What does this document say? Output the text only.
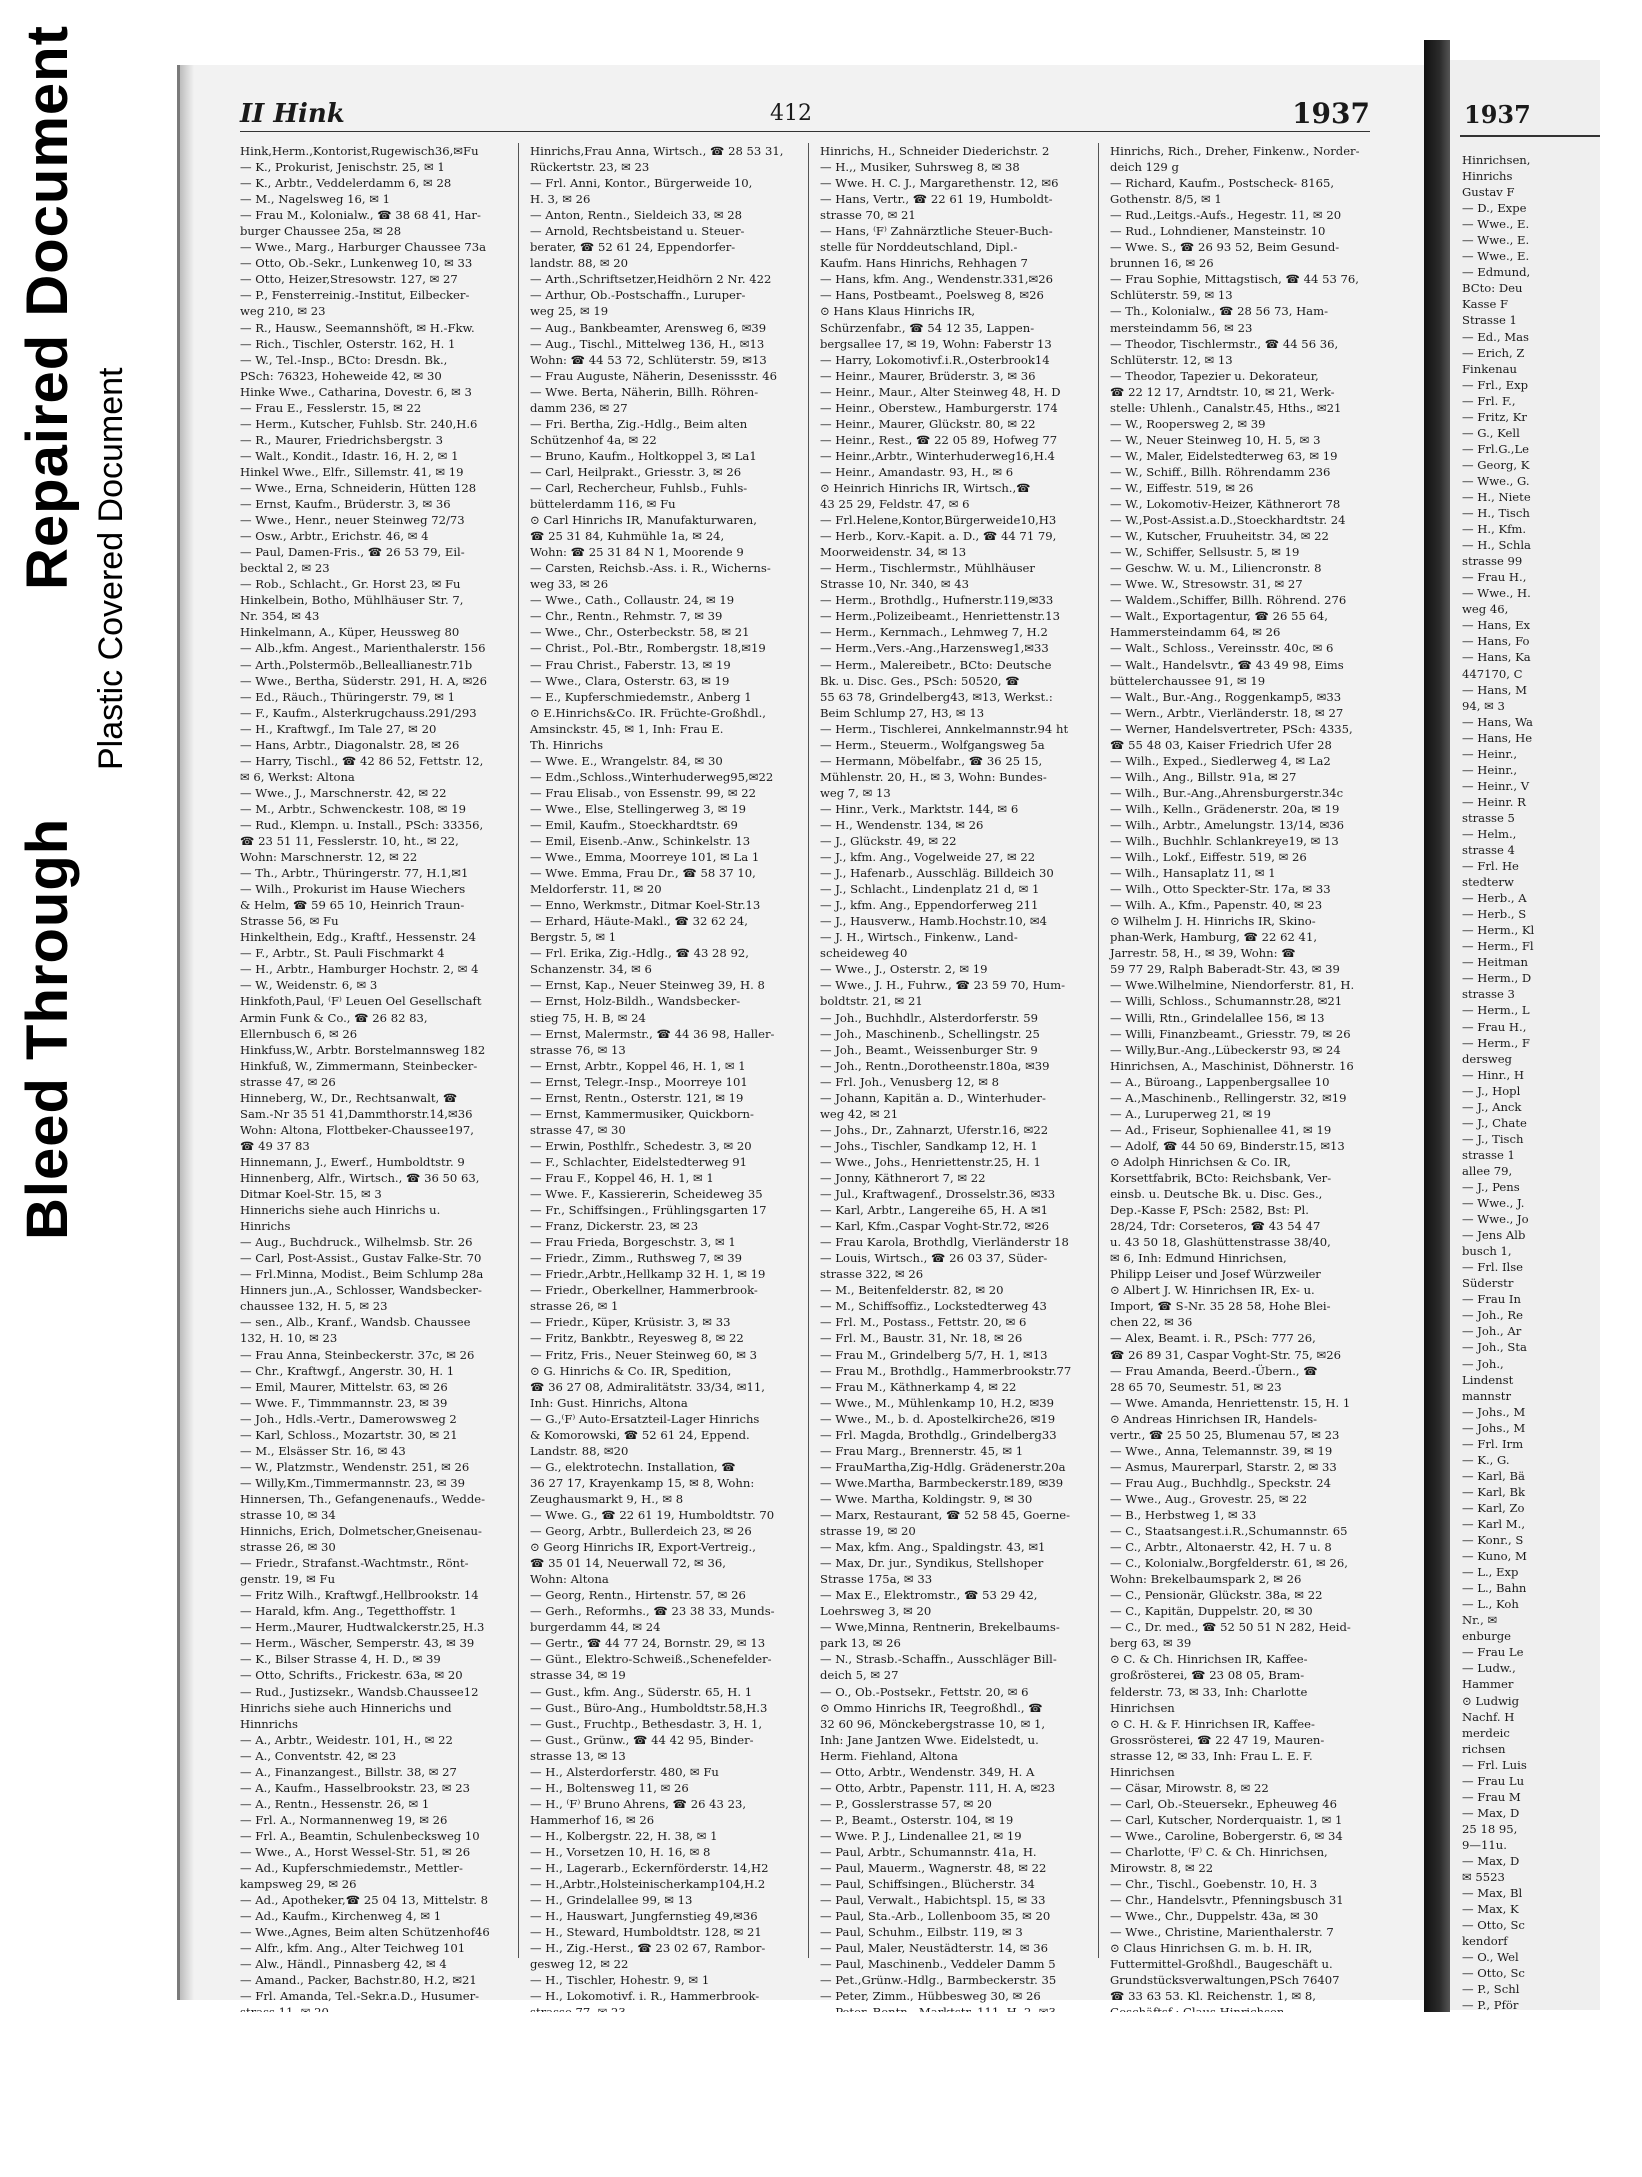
Bleed Through
Repaired Document Plastic Covered Document
II Hink	412	1937
Hink,Herm.,Kontorist,Rugewisch36,✉Fu
— K., Prokurist, Jenischstr. 25, ✉ 1
— K., Arbtr., Veddelerdamm 6, ✉ 28
— M., Nagelsweg 16, ✉ 1
— Frau M., Kolonialw., ☎ 38 68 41, Har-
burger Chaussee 25a, ✉ 28
— Wwe., Marg., Harburger Chaussee 73a
— Otto, Ob.-Sekr., Lunkenweg 10, ✉ 33
— Otto, Heizer,Stresowstr. 127, ✉ 27
— P., Fensterreinig.-Institut, Eilbecker-
weg 210, ✉ 23
— R., Hausw., Seemannshöft, ✉ H.-Fkw.
— Rich., Tischler, Osterstr. 162, H. 1
— W., Tel.-Insp., BCto: Dresdn. Bk.,
PSch: 76323, Hoheweide 42, ✉ 30
Hinke Wwe., Catharina, Dovestr. 6, ✉ 3
— Frau E., Fesslerstr. 15, ✉ 22
— Herm., Kutscher, Fuhlsb. Str. 240,H.6
— R., Maurer, Friedrichsbergstr. 3
— Walt., Kondit., Idastr. 16, H. 2, ✉ 1
Hinkel Wwe., Elfr., Sillemstr. 41, ✉ 19
— Wwe., Erna, Schneiderin, Hütten 128
— Ernst, Kaufm., Brüderstr. 3, ✉ 36
— Wwe., Henr., neuer Steinweg 72/73
— Osw., Arbtr., Erichstr. 46, ✉ 4
— Paul, Damen-Fris., ☎ 26 53 79, Eil-
becktal 2, ✉ 23
— Rob., Schlacht., Gr. Horst 23, ✉ Fu
Hinkelbein, Botho, Mühlhäuser Str. 7,
Nr. 354, ✉ 43
Hinkelmann, A., Küper, Heussweg 80
— Alb.,kfm. Angest., Marienthalerstr. 156
— Arth.,Polstermöb.,Belleallianestr.71b
— Wwe., Bertha, Süderstr. 291, H. A, ✉26
— Ed., Räuch., Thüringerstr. 79, ✉ 1
— F., Kaufm., Alsterkrugchauss.291/293
— H., Kraftwgf., Im Tale 27, ✉ 20
— Hans, Arbtr., Diagonalstr. 28, ✉ 26
— Harry, Tischl., ☎ 42 86 52, Fettstr. 12,
✉ 6, Werkst: Altona
— Wwe., J., Marschnerstr. 42, ✉ 22
— M., Arbtr., Schwenckestr. 108, ✉ 19
— Rud., Klempn. u. Install., PSch: 33356,
☎ 23 51 11, Fesslerstr. 10, ht., ✉ 22,
Wohn: Marschnerstr. 12, ✉ 22
— Th., Arbtr., Thüringerstr. 77, H.1,✉1
— Wilh., Prokurist im Hause Wiechers
& Helm, ☎ 59 65 10, Heinrich Traun-
Strasse 56, ✉ Fu
Hinkelthein, Edg., Kraftf., Hessenstr. 24
— F., Arbtr., St. Pauli Fischmarkt 4
— H., Arbtr., Hamburger Hochstr. 2, ✉ 4
— W., Weidenstr. 6, ✉ 3
Hinkfoth,Paul, ⁽F⁾ Leuen Oel Gesellschaft
Armin Funk & Co., ☎ 26 82 83,
Ellernbusch 6, ✉ 26
Hinkfuss,W., Arbtr. Borstelmannsweg 182
Hinkfuß, W., Zimmermann, Steinbecker-
strasse 47, ✉ 26
Hinneberg, W., Dr., Rechtsanwalt, ☎
Sam.-Nr 35 51 41,Dammthorstr.14,✉36
Wohn: Altona, Flottbeker-Chaussee197,
☎ 49 37 83
Hinnemann, J., Ewerf., Humboldtstr. 9
Hinnenberg, Alfr., Wirtsch., ☎ 36 50 63,
Ditmar Koel-Str. 15, ✉ 3
Hinnerichs siehe auch Hinrichs u.
Hinrichs
— Aug., Buchdruck., Wilhelmsb. Str. 26
— Carl, Post-Assist., Gustav Falke-Str. 70
— Frl.Minna, Modist., Beim Schlump 28a
Hinners jun.,A., Schlosser, Wandsbecker-
chaussee 132, H. 5, ✉ 23
— sen., Alb., Kranf., Wandsb. Chaussee
132, H. 10, ✉ 23
— Frau Anna, Steinbeckerstr. 37c, ✉ 26
— Chr., Kraftwgf., Angerstr. 30, H. 1
— Emil, Maurer, Mittelstr. 63, ✉ 26
— Wwe. F., Timmmannstr. 23, ✉ 39
— Joh., Hdls.-Vertr., Damerowsweg 2
— Karl, Schloss., Mozartstr. 30, ✉ 21
— M., Elsässer Str. 16, ✉ 43
— W., Platzmstr., Wendenstr. 251, ✉ 26
— Willy,Km.,Timmermannstr. 23, ✉ 39
Hinnersen, Th., Gefangenenaufs., Wedde-
strasse 10, ✉ 34
Hinnichs, Erich, Dolmetscher,Gneisenau-
strasse 26, ✉ 30
— Friedr., Strafanst.-Wachtmstr., Rönt-
genstr. 19, ✉ Fu
— Fritz Wilh., Kraftwgf.,Hellbrookstr. 14
— Harald, kfm. Ang., Tegetthoffstr. 1
— Herm.,Maurer, Hudtwalckerstr.25, H.3
— Herm., Wäscher, Semperstr. 43, ✉ 39
— K., Bilser Strasse 4, H. D., ✉ 39
— Otto, Schrifts., Frickestr. 63a, ✉ 20
— Rud., Justizsekr., Wandsb.Chaussee12
Hinrichs siehe auch Hinnerichs und
Hinnrichs
— A., Arbtr., Weidestr. 101, H., ✉ 22
— A., Conventstr. 42, ✉ 23
— A., Finanzangest., Billstr. 38, ✉ 27
— A., Kaufm., Hasselbrookstr. 23, ✉ 23
— A., Rentn., Hessenstr. 26, ✉ 1
— Frl. A., Normannenweg 19, ✉ 26
— Frl. A., Beamtin, Schulenbecksweg 10
— Wwe., A., Horst Wessel-Str. 51, ✉ 26
— Ad., Kupferschmiedemstr., Mettler-
kampsweg 29, ✉ 26
— Ad., Apotheker,☎ 25 04 13, Mittelstr. 8
— Ad., Kaufm., Kirchenweg 4, ✉ 1
— Wwe.,Agnes, Beim alten Schützenhof46
— Alfr., kfm. Ang., Alter Teichweg 101
— Alw., Händl., Pinnasberg 42, ✉ 4
— Amand., Packer, Bachstr.80, H.2, ✉21
— Frl. Amanda, Tel.-Sekr.a.D., Husumer-
Hinrichs,Frau Anna, Wirtsch., ☎ 28 53 31,
Rückertstr. 23, ✉ 23
— Frl. Anni, Kontor., Bürgerweide 10,
H. 3, ✉ 26
— Anton, Rentn., Sieldeich 33, ✉ 28
— Arnold, Rechtsbeistand u. Steuer-
berater, ☎ 52 61 24, Eppendorfer-
landstr. 88, ✉ 20
— Arth.,Schriftsetzer,Heidhörn 2 Nr. 422
— Arthur, Ob.-Postschaffn., Luruper-
weg 25, ✉ 19
— Aug., Bankbeamter, Arensweg 6, ✉39
— Aug., Tischl., Mittelweg 136, H., ✉13
Wohn: ☎ 44 53 72, Schlüterstr. 59, ✉13
— Frau Auguste, Näherin, Desenissstr. 46
— Wwe. Berta, Näherin, Billh. Röhren-
damm 236, ✉ 27
— Fri. Bertha, Zig.-Hdlg., Beim alten
Schützenhof 4a, ✉ 22
— Bruno, Kaufm., Holtkoppel 3, ✉ La1
— Carl, Heilprakt., Griesstr. 3, ✉ 26
— Carl, Rechercheur, Fuhlsb., Fuhls-
büttelerdamm 116, ✉ Fu
⊙ Carl Hinrichs IR, Manufakturwaren,
☎ 25 31 84, Kuhmühle 1a, ✉ 24,
Wohn: ☎ 25 31 84 N 1, Moorende 9
— Carsten, Reichsb.-Ass. i. R., Wicherns-
weg 33, ✉ 26
— Wwe., Cath., Collaustr. 24, ✉ 19
— Chr., Rentn., Rehmstr. 7, ✉ 39
— Wwe., Chr., Osterbeckstr. 58, ✉ 21
— Christ., Pol.-Btr., Rombergstr. 18,✉19
— Frau Christ., Faberstr. 13, ✉ 19
— Wwe., Clara, Osterstr. 63, ✉ 19
— E., Kupferschmiedemstr., Anberg 1
⊙ E.Hinrichs&Co. IR. Früchte-Großhdl.,
Amsinckstr. 45, ✉ 1, Inh: Frau E.
Th. Hinrichs
— Wwe. E., Wrangelstr. 84, ✉ 30
— Edm.,Schloss.,Winterhuderweg95,✉22
— Frau Elisab., von Essenstr. 99, ✉ 22
— Wwe., Else, Stellingerweg 3, ✉ 19
— Emil, Kaufm., Stoeckhardtstr. 69
— Emil, Eisenb.-Anw., Schinkelstr. 13
— Wwe., Emma, Moorreye 101, ✉ La 1
— Wwe. Emma, Frau Dr., ☎ 58 37 10,
Meldorferstr. 11, ✉ 20
— Enno, Werkmstr., Ditmar Koel-Str.13
— Erhard, Häute-Makl., ☎ 32 62 24,
Bergstr. 5, ✉ 1
— Frl. Erika, Zig.-Hdlg., ☎ 43 28 92,
Schanzenstr. 34, ✉ 6
— Ernst, Kap., Neuer Steinweg 39, H. 8
— Ernst, Holz-Bildh., Wandsbecker-
stieg 75, H. B, ✉ 24
— Ernst, Malermstr., ☎ 44 36 98, Haller-
strasse 76, ✉ 13
— Ernst, Arbtr., Koppel 46, H. 1, ✉ 1
— Ernst, Telegr.-Insp., Moorreye 101
— Ernst, Rentn., Osterstr. 121, ✉ 19
— Ernst, Kammermusiker, Quickborn-
strasse 47, ✉ 30
— Erwin, Posthlfr., Schedestr. 3, ✉ 20
— F., Schlachter, Eidelstedterweg 91
— Frau F., Koppel 46, H. 1, ✉ 1
— Wwe. F., Kassiererin, Scheideweg 35
— Fr., Schiffsingen., Frühlingsgarten 17
— Franz, Dickerstr. 23, ✉ 23
— Frau Frieda, Borgeschstr. 3, ✉ 1
— Friedr., Zimm., Ruthsweg 7, ✉ 39
— Friedr.,Arbtr.,Hellkamp 32 H. 1, ✉ 19
— Friedr., Oberkellner, Hammerbrook-
strasse 26, ✉ 1
— Friedr., Küper, Krüsistr. 3, ✉ 33
— Fritz, Bankbtr., Reyesweg 8, ✉ 22
— Fritz, Fris., Neuer Steinweg 60, ✉ 3
⊙ G. Hinrichs & Co. IR, Spedition,
☎ 36 27 08, Admiralitätstr. 33/34, ✉11,
Inh: Gust. Hinrichs, Altona
— G.,⁽F⁾ Auto-Ersatzteil-Lager Hinrichs
& Komorowski, ☎ 52 61 24, Eppend.
Landstr. 88, ✉20
— G., elektrotechn. Installation, ☎
36 27 17, Krayenkamp 15, ✉ 8, Wohn:
Zeughausmarkt 9, H., ✉ 8
— Wwe. G., ☎ 22 61 19, Humboldtstr. 70
— Georg, Arbtr., Bullerdeich 23, ✉ 26
⊙ Georg Hinrichs IR, Export-Vertreig.,
☎ 35 01 14, Neuerwall 72, ✉ 36,
Wohn: Altona
— Georg, Rentn., Hirtenstr. 57, ✉ 26
— Gerh., Reformhs., ☎ 23 38 33, Munds-
burgerdamm 44, ✉ 24
— Gertr., ☎ 44 77 24, Bornstr. 29, ✉ 13
— Günt., Elektro-Schweiß.,Schenefelder-
strasse 34, ✉ 19
— Gust., kfm. Ang., Süderstr. 65, H. 1
— Gust., Büro-Ang., Humboldtstr.58,H.3
— Gust., Fruchtp., Bethesdastr. 3, H. 1,
— Gust., Grünw., ☎ 44 42 95, Binder-
strasse 13, ✉ 13
— H., Alsterdorferstr. 480, ✉ Fu
— H., Boltensweg 11, ✉ 26
— H., ⁽F⁾ Bruno Ahrens, ☎ 26 43 23,
Hammerhof 16, ✉ 26
— H., Kolbergstr. 22, H. 38, ✉ 1
— H., Vorsetzen 10, H. 16, ✉ 8
— H., Lagerarb., Eckernförderstr. 14,H2
— H.,Arbtr.,Holsteinischerkamp104,H.2
— H., Grindelallee 99, ✉ 13
— H., Hauswart, Jungfernstieg 49,✉36
— H., Steward, Humboldtstr. 128, ✉ 21
— H., Zig.-Herst., ☎ 23 02 67, Rambor-
gesweg 12, ✉ 22
— H., Tischler, Hohestr. 9, ✉ 1
— H., Lokomotivf. i. R., Hammerbrook-
Hinrichs, H., Schneider Diederichstr. 2
— H.,, Musiker, Suhrsweg 8, ✉ 38
— Wwe. H. C. J., Margarethenstr. 12, ✉6
— Hans, Vertr., ☎ 22 61 19, Humboldt-
strasse 70, ✉ 21
— Hans, ⁽F⁾ Zahnärztliche Steuer-Buch-
stelle für Norddeutschland, Dipl.-
Kaufm. Hans Hinrichs, Rehhagen 7
— Hans, kfm. Ang., Wendenstr.331,✉26
— Hans, Postbeamt., Poelsweg 8, ✉26
⊙ Hans Klaus Hinrichs IR,
Schürzenfabr., ☎ 54 12 35, Lappen-
bergsallee 17, ✉ 19, Wohn: Faberstr 13
— Harry, Lokomotivf.i.R.,Osterbrook14
— Heinr., Maurer, Brüderstr. 3, ✉ 36
— Heinr., Maur., Alter Steinweg 48, H. D
— Heinr., Oberstew., Hamburgerstr. 174
— Heinr., Maurer, Glückstr. 80, ✉ 22
— Heinr., Rest., ☎ 22 05 89, Hofweg 77
— Heinr.,Arbtr., Winterhuderweg16,H.4
— Heinr., Amandastr. 93, H., ✉ 6
⊙ Heinrich Hinrichs IR, Wirtsch.,☎
43 25 29, Feldstr. 47, ✉ 6
— Frl.Helene,Kontor,Bürgerweide10,H3
— Herb., Korv.-Kapit. a. D., ☎ 44 71 79,
Moorweidenstr. 34, ✉ 13
— Herm., Tischlermstr., Mühlhäuser
Strasse 10, Nr. 340, ✉ 43
— Herm., Brothdlg., Hufnerstr.119,✉33
— Herm.,Polizeibeamt., Henriettenstr.13
— Herm., Kernmach., Lehmweg 7, H.2
— Herm.,Vers.-Ang.,Harzensweg1,✉33
— Herm., Malereibetr., BCto: Deutsche
Bk. u. Disc. Ges., PSch: 50520, ☎
55 63 78, Grindelberg43, ✉13, Werkst.:
Beim Schlump 27, H3, ✉ 13
— Herm., Tischlerei, Annkelmannstr.94 ht
— Herm., Steuerm., Wolfgangsweg 5a
— Hermann, Möbelfabr., ☎ 36 25 15,
Mühlenstr. 20, H., ✉ 3, Wohn: Bundes-
weg 7, ✉ 13
— Hinr., Verk., Marktstr. 144, ✉ 6
— H., Wendenstr. 134, ✉ 26
— J., Glückstr. 49, ✉ 22
— J., kfm. Ang., Vogelweide 27, ✉ 22
— J., Hafenarb., Ausschläg. Billdeich 30
— J., Schlacht., Lindenplatz 21 d, ✉ 1
— J., kfm. Ang., Eppendorferweg 211
— J., Hausverw., Hamb.Hochstr.10, ✉4
— J. H., Wirtsch., Finkenw., Land-
scheideweg 40
— Wwe., J., Osterstr. 2, ✉ 19
— Wwe., J. H., Fuhrw., ☎ 23 59 70, Hum-
boldtstr. 21, ✉ 21
— Joh., Buchhdlr., Alsterdorferstr. 59
— Joh., Maschinenb., Schellingstr. 25
— Joh., Beamt., Weissenburger Str. 9
— Joh., Rentn.,Dorotheenstr.180a, ✉39
— Frl. Joh., Venusberg 12, ✉ 8
— Johann, Kapitän a. D., Winterhuder-
weg 42, ✉ 21
— Johs., Dr., Zahnarzt, Uferstr.16, ✉22
— Johs., Tischler, Sandkamp 12, H. 1
— Wwe., Johs., Henriettenstr.25, H. 1
— Jonny, Käthnerort 7, ✉ 22
— Jul., Kraftwagenf., Drosselstr.36, ✉33
— Karl, Arbtr., Langereihe 65, H. A ✉1
— Karl, Kfm.,Caspar Voght-Str.72, ✉26
— Frau Karola, Brothdlg, Vierländerstr 18
— Louis, Wirtsch., ☎ 26 03 37, Süder-
strasse 322, ✉ 26
— M., Beitenfelderstr. 82, ✉ 20
— M., Schiffsoffiz., Lockstedterweg 43
— Frl. M., Postass., Fettstr. 20, ✉ 6
— Frl. M., Baustr. 31, Nr. 18, ✉ 26
— Frau M., Grindelberg 5/7, H. 1, ✉13
— Frau M., Brothdlg., Hammerbrookstr.77
— Frau M., Käthnerkamp 4, ✉ 22
— Wwe., M., Mühlenkamp 10, H.2, ✉39
— Wwe., M., b. d. Apostelkirche26, ✉19
— Frl. Magda, Brothdlg., Grindelberg33
— Frau Marg., Brennerstr. 45, ✉ 1
— FrauMartha,Zig-Hdlg. Grädenerstr.20a
— Wwe.Martha, Barmbeckerstr.189, ✉39
— Wwe. Martha, Koldingstr. 9, ✉ 30
— Marx, Restaurant, ☎ 52 58 45, Goerne-
strasse 19, ✉ 20
— Max, kfm. Ang., Spaldingstr. 43, ✉1
— Max, Dr. jur., Syndikus, Stellshoper
Strasse 175a, ✉ 33
— Max E., Elektromstr., ☎ 53 29 42,
Loehrsweg 3, ✉ 20
— Wwe,Minna, Rentnerin, Brekelbaums-
park 13, ✉ 26
— N., Strasb.-Schaffn., Ausschläger Bill-
deich 5, ✉ 27
— O., Ob.-Postsekr., Fettstr. 20, ✉ 6
⊙ Ommo Hinrichs IR, Teegroßhdl., ☎
32 60 96, Mönckebergstrasse 10, ✉ 1,
Inh: Jane Jantzen Wwe. Eidelstedt, u.
Herm. Fiehland, Altona
— Otto, Arbtr., Wendenstr. 349, H. A
— Otto, Arbtr., Papenstr. 111, H. A, ✉23
— P., Gosslerstrasse 57, ✉ 20
— P., Beamt., Osterstr. 104, ✉ 19
— Wwe. P. J., Lindenallee 21, ✉ 19
— Paul, Arbtr., Schumannstr. 41a, H.
— Paul, Mauerm., Wagnerstr. 48, ✉ 22
— Paul, Schiffsingen., Blücherstr. 34
— Paul, Verwalt., Habichtspl. 15, ✉ 33
— Paul, Sta.-Arb., Lollenboom 35, ✉ 20
— Paul, Schuhm., Eilbstr. 119, ✉ 3
— Paul, Maler, Neustädterstr. 14, ✉ 36
— Paul, Maschinenb., Veddeler Damm 5
— Pet.,Grünw.-Hdlg., Barmbeckerstr. 35
— Peter, Zimm., Hübbesweg 30, ✉ 26
Hinrichs, Rich., Dreher, Finkenw., Norder-
deich 129 g
— Richard, Kaufm., Postscheck- 8165,
Gothenstr. 8/5, ✉ 1
— Rud.,Leitgs.-Aufs., Hegestr. 11, ✉ 20
— Rud., Lohndiener, Mansteinstr. 10
— Wwe. S., ☎ 26 93 52, Beim Gesund-
brunnen 16, ✉ 26
— Frau Sophie, Mittagstisch, ☎ 44 53 76,
Schlüterstr. 59, ✉ 13
— Th., Kolonialw., ☎ 28 56 73, Ham-
mersteindamm 56, ✉ 23
— Theodor, Tischlermstr., ☎ 44 56 36,
Schlüterstr. 12, ✉ 13
— Theodor, Tapezier u. Dekorateur,
☎ 22 12 17, Arndtstr. 10, ✉ 21, Werk-
stelle: Uhlenh., Canalstr.45, Hths., ✉21
— W., Roopersweg 2, ✉ 39
— W., Neuer Steinweg 10, H. 5, ✉ 3
— W., Maler, Eidelstedterweg 63, ✉ 19
— W., Schiff., Billh. Röhrendamm 236
— W., Eiffestr. 519, ✉ 26
— W., Lokomotiv-Heizer, Käthnerort 78
— W.,Post-Assist.a.D.,Stoeckhardtstr. 24
— W., Kutscher, Fruuheitstr. 34, ✉ 22
— W., Schiffer, Sellsustr. 5, ✉ 19
— Geschw. W. u. M., Liliencronstr. 8
— Wwe. W., Stresowstr. 31, ✉ 27
— Waldem.,Schiffer, Billh. Röhrend. 276
— Walt., Exportagentur, ☎ 26 55 64,
Hammersteindamm 64, ✉ 26
— Walt., Schloss., Vereinsstr. 40c, ✉ 6
— Walt., Handelsvtr., ☎ 43 49 98, Eims
büttelerchaussee 91, ✉ 19
— Walt., Bur.-Ang., Roggenkamp5, ✉33
— Wern., Arbtr., Vierländerstr. 18, ✉ 27
— Werner, Handelsvertreter, PSch: 4335,
☎ 55 48 03, Kaiser Friedrich Ufer 28
— Wilh., Exped., Siedlerweg 4, ✉ La2
— Wilh., Ang., Billstr. 91a, ✉ 27
— Wilh., Bur.-Ang.,Ahrensburgerstr.34c
— Wilh., Kelln., Grädenerstr. 20a, ✉ 19
— Wilh., Arbtr., Amelungstr. 13/14, ✉36
— Wilh., Buchhlr. Schlankreye19, ✉ 13
— Wilh., Lokf., Eiffestr. 519, ✉ 26
— Wilh., Hansaplatz 11, ✉ 1
— Wilh., Otto Speckter-Str. 17a, ✉ 33
— Wilh. A., Kfm., Papenstr. 40, ✉ 23
⊙ Wilhelm J. H. Hinrichs IR, Skino-
phan-Werk, Hamburg, ☎ 22 62 41,
Jarrestr. 58, H., ✉ 39, Wohn: ☎
59 77 29, Ralph Baberadt-Str. 43, ✉ 39
— Wwe.Wilhelmine, Niendorferstr. 81, H.
— Willi, Schloss., Schumannstr.28, ✉21
— Willi, Rtn., Grindelallee 156, ✉ 13
— Willi, Finanzbeamt., Griesstr. 79, ✉ 26
— Willy,Bur.-Ang.,Lübeckerstr 93, ✉ 24
Hinrichsen, A., Maschinist, Döhnerstr. 16
— A., Bürоang., Lappenbergsallee 10
— A.,Maschinenb., Rellingerstr. 32, ✉19
— A., Luruperweg 21, ✉ 19
— Ad., Friseur, Sophienallee 41, ✉ 19
— Adolf, ☎ 44 50 69, Binderstr.15, ✉13
⊙ Adolph Hinrichsen & Co. IR,
Korsettfabrik, BCto: Reichsbank, Ver-
einsb. u. Deutsche Bk. u. Disc. Ges.,
Dep.-Kasse F, PSch: 2582, Bst: Pl.
28/24, Tdr: Corseteros, ☎ 43 54 47
u. 43 50 18, Glashüttenstrasse 38/40,
✉ 6, Inh: Edmund Hinrichsen,
Philipp Leiser und Josef Würzweiler
⊙ Albert J. W. Hinrichsen IR, Ex- u.
Import, ☎ S-Nr. 35 28 58, Hohe Blei-
chen 22, ✉ 36
— Alex, Beamt. i. R., PSch: 777 26,
☎ 26 89 31, Caspar Voght-Str. 75, ✉26
— Frau Amanda, Beerd.-Übern., ☎
28 65 70, Seumestr. 51, ✉ 23
— Wwe. Amanda, Henriettenstr. 15, H. 1
⊙ Andreas Hinrichsen IR, Handels-
vertr., ☎ 25 50 25, Blumenau 57, ✉ 23
— Wwe., Anna, Telemannstr. 39, ✉ 19
— Asmus, Maurerparl, Starstr. 2, ✉ 33
— Frau Aug., Buchhdlg., Speckstr. 24
— Wwe., Aug., Grovestr. 25, ✉ 22
— B., Herbstweg 1, ✉ 33
— C., Staatsangest.i.R.,Schumannstr. 65
— C., Arbtr., Altonaerstr. 42, H. 7 u. 8
— C., Kolonialw.,Borgfelderstr. 61, ✉ 26,
Wohn: Brekelbaumspark 2, ✉ 26
— C., Pensionär, Glückstr. 38a, ✉ 22
— C., Kapitän, Duppelstr. 20, ✉ 30
— C., Dr. med., ☎ 52 50 51 N 282, Heid-
berg 63, ✉ 39
⊙ C. & Ch. Hinrichsen IR, Kaffee-
großrösterei, ☎ 23 08 05, Bram-
felderstr. 73, ✉ 33, Inh: Charlotte
Hinrichsen
⊙ C. H. & F. Hinrichsen IR, Kaffee-
Grossrösterei, ☎ 22 47 19, Mauren-
strasse 12, ✉ 33, Inh: Frau L. E. F.
Hinrichsen
— Cäsar, Mirowstr. 8, ✉ 22
— Carl, Ob.-Steuersekr., Epheuweg 46
— Carl, Kutscher, Norderquaistr. 1, ✉ 1
— Wwe., Caroline, Bobergerstr. 6, ✉ 34
— Charlotte, ⁽F⁾ C. & Ch. Hinrichsen,
Mirowstr. 8, ✉ 22
— Chr., Tischl., Goebenstr. 10, H. 3
— Chr., Handelsvtr., Pfenningsbusch 31
— Wwe., Chr., Duppelstr. 43a, ✉ 30
— Wwe., Christine, Marienthalerstr. 7
⊙ Claus Hinrichsen G. m. b. H. IR,
Futtermittel-Großhdl., Baugeschäft u.
Grundstücksverwaltungen,PSch 76407
☎ 33 63 53. Kl. Reichenstr. 1, ✉ 8,
1937
Hinrichsen,
Hinrichs
Gustav F
— D., Expe
— Wwe., E.
— Wwe., E.
— Wwe., E.
— Edmund,
BCto: Deu
Kasse F
Strasse 1
— Ed., Mas
— Erich, Z
Finkenau
— Frl., Exp
— Frl. F.,
— Fritz, Kr
— G., Kell
— Frl.G.,Le
— Georg, K
— Wwe., G.
— H., Niete
— H., Tisch
— H., Kfm.
— H., Schla
strasse 99
— Frau H.,
— Wwe., H.
weg 46,
— Hans, Ex
— Hans, Fo
— Hans, Ka
447170, C
— Hans, M
94, ✉ 3
— Hans, Wa
— Hans, He
— Heinr.,
— Heinr.,
— Heinr., V
— Heinr. R
strasse 5
— Helm.,
strasse 4
— Frl. He
stedterw
— Herb., A
— Herb., S
— Herm., Kl
— Herm., Fl
— Heitman
— Herm., D
strasse 3
— Herm., L
— Frau H.,
— Herm., F
dersweg
— Hinr., H
— J., Hopl
— J., Anck
— J., Chate
— J., Tisch
strasse 1
allee 79,
— J., Pens
— Wwe., J.
— Wwe., Jo
— Jens Alb
busch 1,
— Frl. Ilse
Süderstr
— Frau In
— Joh., Re
— Joh., Ar
— Joh., Sta
— Joh.,
Lindenst
mannstr
— Johs., M
— Johs., M
— Frl. Irm
— K., G.
— Karl, Bä
— Karl, Bk
— Karl, Zo
— Karl M.,
— Konr., S
— Kuno, M
— L., Exp
— L., Bahn
— L., Koh
Nr., ✉
enburge
— Frau Le
— Ludw.,
Hammer
⊙ Ludwig
Nachf. H
merdeic
richsen
— Frl. Luis
— Frau Lu
— Frau M
— Max, D
25 18 95,
9—11u.
— Max, D
✉ 5523
— Max, Bl
— Max, K
— Otto, Sc
kendorf
— O., Wel
— Otto, Sc
— P., Schl
— P., Pför
